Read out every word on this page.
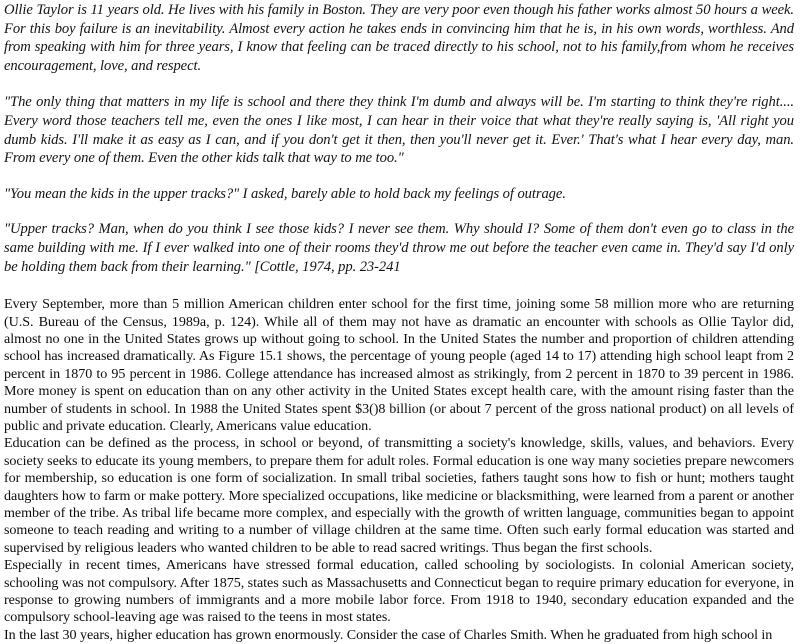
Ollie Taylor is 11 years old. He lives with his family in Boston. They are very poor even though his father works almost 50 hours a week. For this boy failure is an inevitability. Almost every action he takes ends in convincing him that he is, in his own words, worthless. And from speaking with him for three years, I know that feeling can be traced directly to his school, not to his family,from whom he receives encouragement, love, and respect.

"The only thing that matters in my life is school and there they think I'm dumb and always will be. I'm starting to think they're right.... Every word those teachers tell me, even the ones I like most, I can hear in their voice that what they're really saying is, 'All right you dumb kids. I'll make it as easy as I can, and if you don't get it then, then you'll never get it. Ever.' That's what I hear every day, man. From every one of them. Even the other kids talk that way to me too."

"You mean the kids in the upper tracks?" I asked, barely able to hold back my feelings of outrage.

"Upper tracks? Man, when do you think I see those kids? I never see them. Why should I? Some of them don't even go to class in the same building with me. If I ever walked into one of their rooms they'd throw me out before the teacher even came in. They'd say I'd only be holding them back from their learning." [Cottle, 1974, pp. 23-241

Every September, more than 5 million American children enter school for the first time, joining some 58 million more who are returning (U.S. Bureau of the Census, 1989a, p. 124). While all of them may not have as dramatic an encounter with schools as Ollie Taylor did, almost no one in the United States grows up without going to school. In the United States the number and proportion of children attending school has increased dramatically. As Figure 15.1 shows, the percentage of young people (aged 14 to 17) attending high school leapt from 2 percent in 1870 to 95 percent in 1986. College attendance has increased almost as strikingly, from 2 percent in 1870 to 39 percent in 1986. More money is spent on education than on any other activity in the United States except health care, with the amount rising faster than the number of students in school. In 1988 the United States spent $3()8 billion (or about 7 percent of the gross national product) on all levels of public and private education. Clearly, Americans value education.

Education can be defined as the process, in school or beyond, of transmitting a society's knowledge, skills, values, and behaviors. Every society seeks to educate its young members, to prepare them for adult roles. Formal education is one way many societies prepare newcomers for membership, so education is one form of socialization. In small tribal societies, fathers taught sons how to fish or hunt; mothers taught daughters how to farm or make pottery. More specialized occupations, like medicine or blacksmithing, were learned from a parent or another member of the tribe. As tribal life became more complex, and especially with the growth of written language, communities began to appoint someone to teach reading and writing to a number of village children at the same time. Often such early formal education was started and supervised by religious leaders who wanted children to be able to read sacred writings. Thus began the first schools.

Especially in recent times, Americans have stressed formal education, called schooling by sociologists. In colonial American society, schooling was not compulsory. After 1875, states such as Massachusetts and Connecticut began to require primary education for everyone, in response to growing numbers of immigrants and a more mobile labor force. From 1918 to 1940, secondary education expanded and the compulsory school-leaving age was raised to the teens in most states.

In the last 30 years, higher education has grown enormously. Consider the case of Charles Smith. When he graduated from high school in
